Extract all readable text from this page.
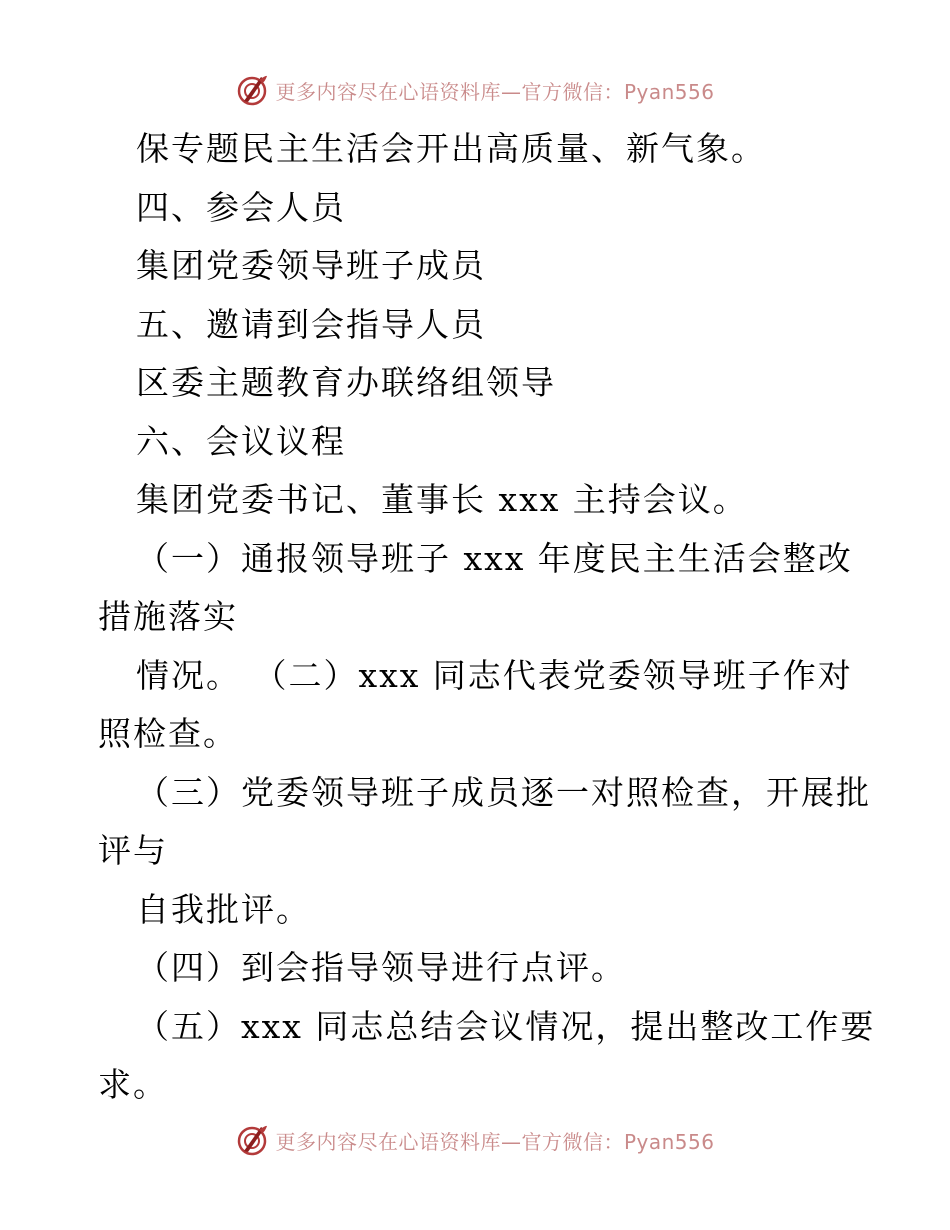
更多内容尽在心语资料库—官方微信：Pyan556
保专题民主生活会开出高质量、新气象。
四、参会人员
集团党委领导班子成员
五、邀请到会指导人员
区委主题教育办联络组领导
六、会议议程
集团党委书记、董事长 xxx 主持会议。
（一）通报领导班子 xxx 年度民主生活会整改
措施落实
情况。 （二）xxx 同志代表党委领导班子作对
照检查。
（三）党委领导班子成员逐一对照检查，开展批
评与
自我批评。
（四）到会指导领导进行点评。
（五）xxx 同志总结会议情况，提出整改工作要
求。
更多内容尽在心语资料库—官方微信：Pyan556
